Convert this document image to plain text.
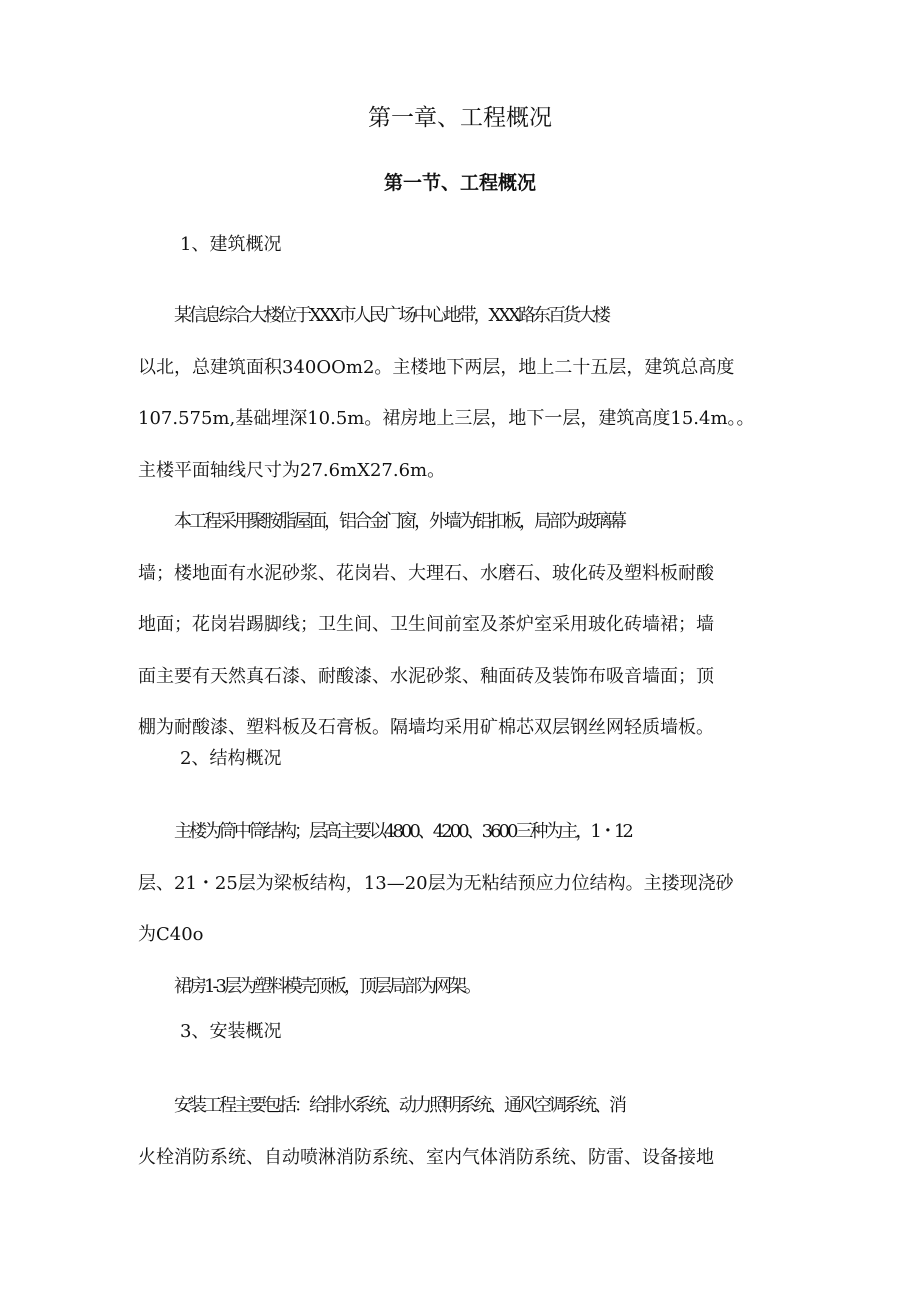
第一章、工程概况
第一节、工程概况
1、建筑概况
某信息综合大楼位于XXX市人民广场中心地带，XXX路东百货大楼
以北，总建筑面积340OOm2。主楼地下两层，地上二十五层，建筑总高度
107.575m,基础埋深10.5m。裙房地上三层，地下一层，建筑高度15.4m。。
主楼平面轴线尺寸为27.6mX27.6m。
本工程采用聚胺脂屋面，铝合金门窗，外墙为铝扣板，局部为玻璃幕
墙；楼地面有水泥砂浆、花岗岩、大理石、水磨石、玻化砖及塑料板耐酸
地面；花岗岩踢脚线；卫生间、卫生间前室及茶炉室采用玻化砖墙裙；墙
面主要有天然真石漆、耐酸漆、水泥砂浆、釉面砖及装饰布吸音墙面；顶
棚为耐酸漆、塑料板及石膏板。隔墙均采用矿棉芯双层钢丝网轻质墙板。
2、结构概况
主楼为筒中筒结构；层高主要以4800、4200、3600三种为主，1・12
层、21・25层为梁板结构，13—20层为无粘结预应力位结构。主搂现浇砂
为C40o
裙房1-3层为塑料模壳顶板，顶层局部为网架。
3、安装概况
安装工程主要包括：给排水系统、动力照明系统、通风空调系统、消
火栓消防系统、自动喷淋消防系统、室内气体消防系统、防雷、设备接地
